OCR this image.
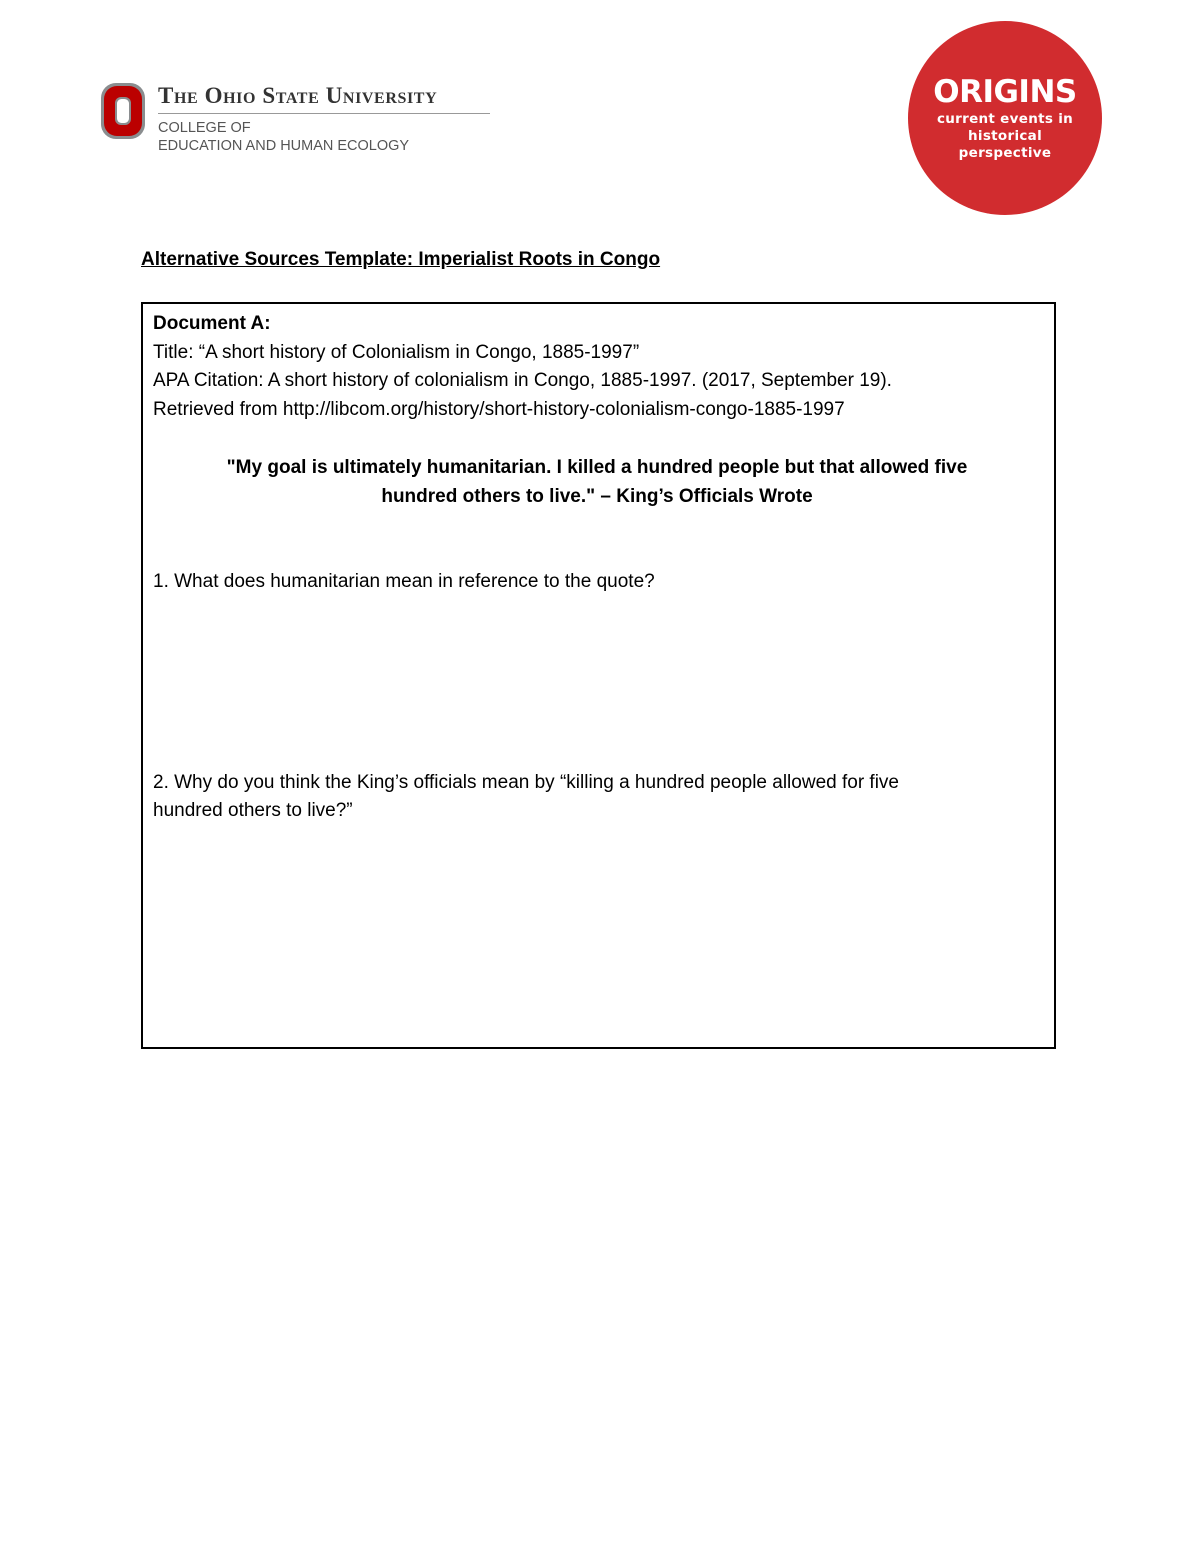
The Ohio State University
COLLEGE OF
EDUCATION AND HUMAN ECOLOGY
ORIGINS
current events in
historical
perspective
Alternative Sources Template: Imperialist Roots in Congo
Document A:
Title: “A short history of Colonialism in Congo, 1885-1997”
APA Citation: A short history of colonialism in Congo, 1885-1997. (2017, September 19).
Retrieved from http://libcom.org/history/short-history-colonialism-congo-1885-1997
"My goal is ultimately humanitarian. I killed a hundred people but that allowed five
hundred others to live." – King’s Officials Wrote
1. What does humanitarian mean in reference to the quote?
2. Why do you think the King’s officials mean by “killing a hundred people allowed for five
hundred others to live?”
